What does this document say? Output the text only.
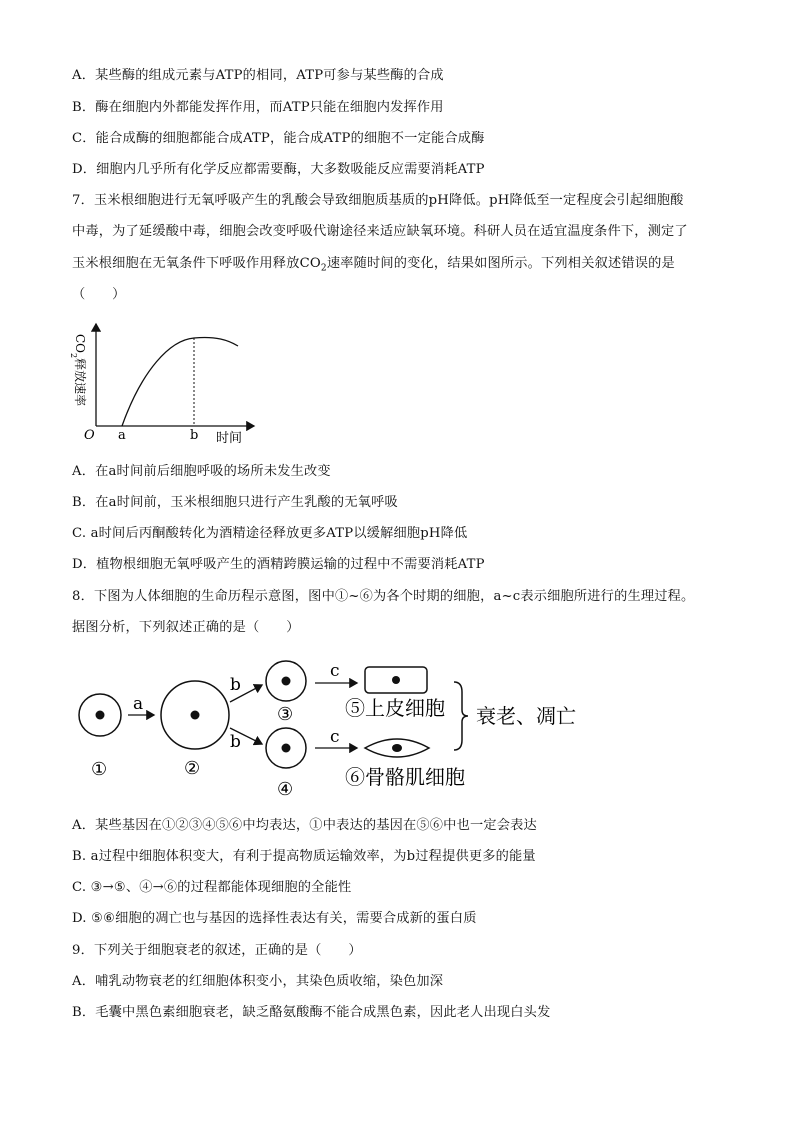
A．某些酶的组成元素与ATP的相同，ATP可参与某些酶的合成
B．酶在细胞内外都能发挥作用，而ATP只能在细胞内发挥作用
C．能合成酶的细胞都能合成ATP，能合成ATP的细胞不一定能合成酶
D．细胞内几乎所有化学反应都需要酶，大多数吸能反应需要消耗ATP
7．玉米根细胞进行无氧呼吸产生的乳酸会导致细胞质基质的pH降低。pH降低至一定程度会引起细胞酸
中毒，为了延缓酸中毒，细胞会改变呼吸代谢途径来适应缺氧环境。科研人员在适宜温度条件下，测定了
玉米根细胞在无氧条件下呼吸作用释放$CO_2$速率随时间的变化，结果如图所示。下列相关叙述错误的是
（　　）
$CO_2$释放速率
O a	b 时间
A．在a时间前后细胞呼吸的场所未发生改变
B．在a时间前，玉米根细胞只进行产生乳酸的无氧呼吸
C. a时间后丙酮酸转化为酒精途径释放更多ATP以缓解细胞pH降低
D．植物根细胞无氧呼吸产生的酒精跨膜运输的过程中不需要消耗ATP
8．下图为人体细胞的生命历程示意图，图中①~⑥为各个时期的细胞，a~c表示细胞所进行的生理过程。
据图分析，下列叙述正确的是（　　）
①
a
②
b
b
③
④
c
c
⑤上皮细胞
⑥骨骼肌细胞
衰老、凋亡
A．某些基因在①②③④⑤⑥中均表达，①中表达的基因在⑤⑥中也一定会表达
B. a过程中细胞体积变大，有利于提高物质运输效率，为b过程提供更多的能量
C. ③→⑤、④→⑥的过程都能体现细胞的全能性
D. ⑤⑥细胞的凋亡也与基因的选择性表达有关，需要合成新的蛋白质
9．下列关于细胞衰老的叙述，正确的是（　　）
A．哺乳动物衰老的红细胞体积变小，其染色质收缩，染色加深
B．毛囊中黑色素细胞衰老，缺乏酪氨酸酶不能合成黑色素，因此老人出现白头发
